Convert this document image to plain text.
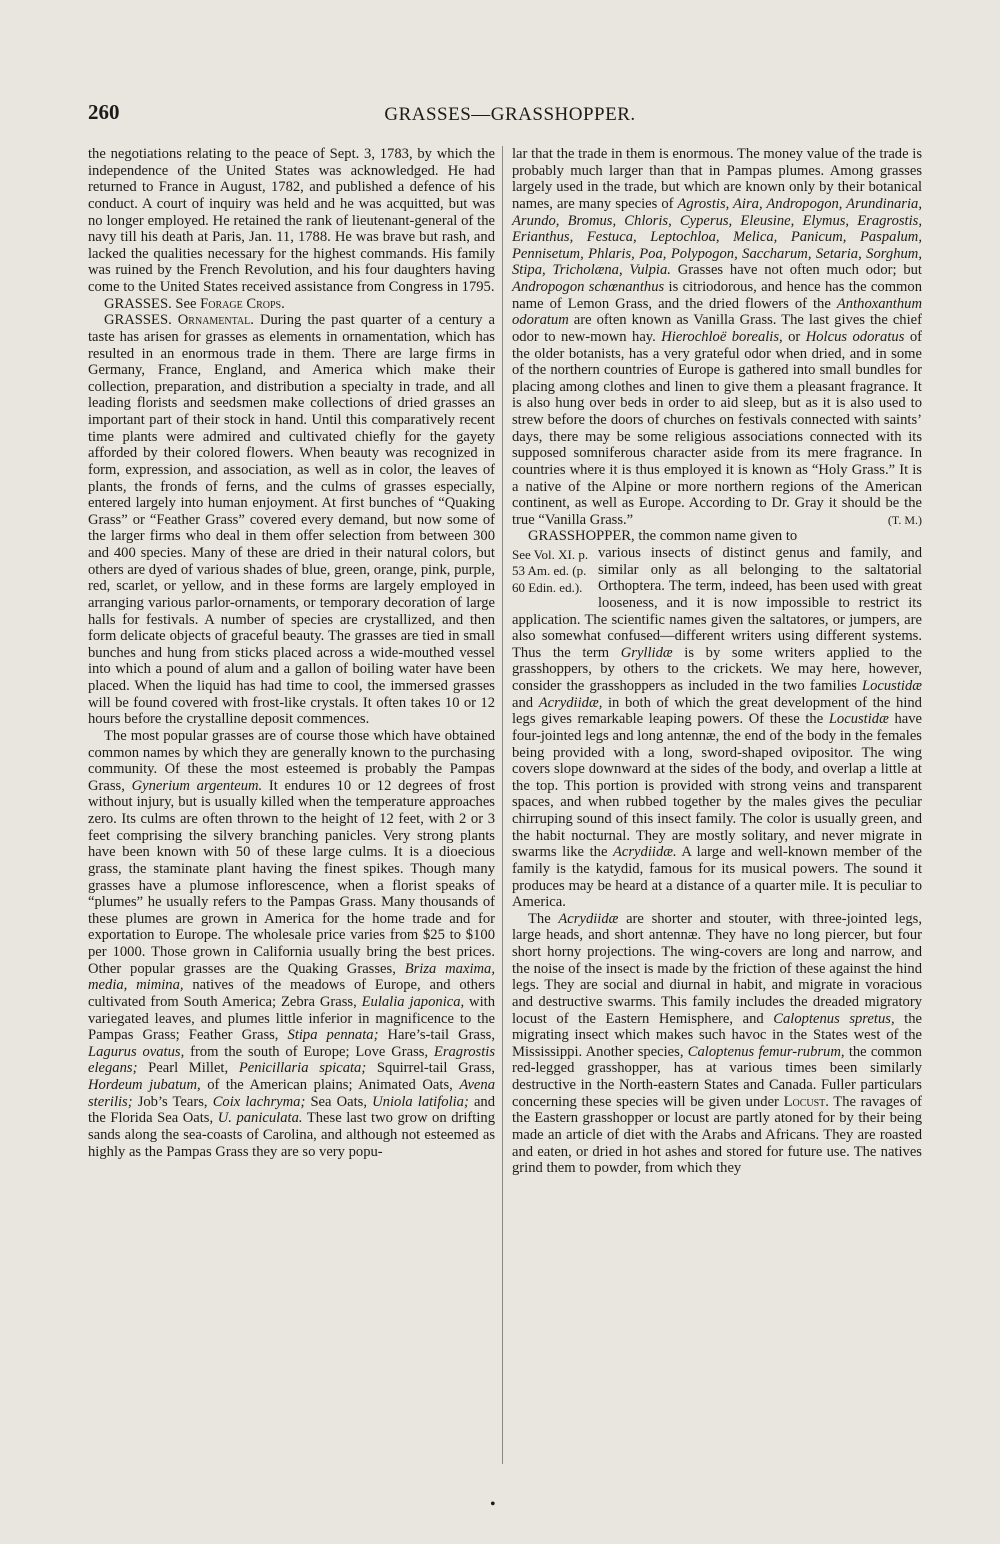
260	GRASSES—GRASSHOPPER.

the negotiations relating to the peace of Sept. 3, 1783, by which the independence of the United States was acknowledged. He had returned to France in August, 1782, and published a defence of his conduct. A court of inquiry was held and he was acquitted, but was no longer employed. He retained the rank of lieutenant-general of the navy till his death at Paris, Jan. 11, 1788. He was brave but rash, and lacked the qualities necessary for the highest commands. His family was ruined by the French Revolution, and his four daughters having come to the United States received assistance from Congress in 1795.

GRASSES. See Forage Crops.

GRASSES. Ornamental. During the past quarter of a century a taste has arisen for grasses as elements in ornamentation, which has resulted in an enormous trade in them. There are large firms in Germany, France, England, and America which make their collection, preparation, and distribution a specialty in trade, and all leading florists and seedsmen make collections of dried grasses an important part of their stock in hand. Until this comparatively recent time plants were admired and cultivated chiefly for the gayety afforded by their colored flowers. When beauty was recognized in form, expression, and association, as well as in color, the leaves of plants, the fronds of ferns, and the culms of grasses especially, entered largely into human enjoyment. At first bunches of “Quaking Grass” or “Feather Grass” covered every demand, but now some of the larger firms who deal in them offer selection from between 300 and 400 species. Many of these are dried in their natural colors, but others are dyed of various shades of blue, green, orange, pink, purple, red, scarlet, or yellow, and in these forms are largely employed in arranging various parlor-ornaments, or temporary decoration of large halls for festivals. A number of species are crystallized, and then form delicate objects of graceful beauty. The grasses are tied in small bunches and hung from sticks placed across a wide-mouthed vessel into which a pound of alum and a gallon of boiling water have been placed. When the liquid has had time to cool, the immersed grasses will be found covered with frost-like crystals. It often takes 10 or 12 hours before the crystalline deposit commences.

The most popular grasses are of course those which have obtained common names by which they are generally known to the purchasing community. Of these the most esteemed is probably the Pampas Grass, Gynerium argenteum. It endures 10 or 12 degrees of frost without injury, but is usually killed when the temperature approaches zero. Its culms are often thrown to the height of 12 feet, with 2 or 3 feet comprising the silvery branching panicles. Very strong plants have been known with 50 of these large culms. It is a dioecious grass, the staminate plant having the finest spikes. Though many grasses have a plumose inflorescence, when a florist speaks of “plumes” he usually refers to the Pampas Grass. Many thousands of these plumes are grown in America for the home trade and for exportation to Europe. The wholesale price varies from $25 to $100 per 1000. Those grown in California usually bring the best prices. Other popular grasses are the Quaking Grasses, Briza maxima, media, mimina, natives of the meadows of Europe, and others cultivated from South America; Zebra Grass, Eulalia japonica, with variegated leaves, and plumes little inferior in magnificence to the Pampas Grass; Feather Grass, Stipa pennata; Hare’s-tail Grass, Lagurus ovatus, from the south of Europe; Love Grass, Eragrostis elegans; Pearl Millet, Penicillaria spicata; Squirrel-tail Grass, Hordeum jubatum, of the American plains; Animated Oats, Avena sterilis; Job’s Tears, Coix lachryma; Sea Oats, Uniola latifolia; and the Florida Sea Oats, U. paniculata. These last two grow on drifting sands along the sea-coasts of Carolina, and although not esteemed as highly as the Pampas Grass they are so very popu-

lar that the trade in them is enormous. The money value of the trade is probably much larger than that in Pampas plumes. Among grasses largely used in the trade, but which are known only by their botanical names, are many species of Agrostis, Aira, Andropogon, Arundinaria, Arundo, Bromus, Chloris, Cyperus, Eleusine, Elymus, Eragrostis, Erianthus, Festuca, Leptochloa, Melica, Panicum, Paspalum, Pennisetum, Phlaris, Poa, Polypogon, Saccharum, Setaria, Sorghum, Stipa, Tricholæna, Vulpia. Grasses have not often much odor; but Andropogon schœnanthus is citriodorous, and hence has the common name of Lemon Grass, and the dried flowers of the Anthoxanthum odoratum are often known as Vanilla Grass. The last gives the chief odor to new-mown hay. Hierochloë borealis, or Holcus odoratus of the older botanists, has a very grateful odor when dried, and in some of the northern countries of Europe is gathered into small bundles for placing among clothes and linen to give them a pleasant fragrance. It is also hung over beds in order to aid sleep, but as it is also used to strew before the doors of churches on festivals connected with saints’ days, there may be some religious associations connected with its supposed somniferous character aside from its mere fragrance. In countries where it is thus employed it is known as “Holy Grass.” It is a native of the Alpine or more northern regions of the American continent, as well as Europe. According to Dr. Gray it should be the true “Vanilla Grass.”	(T. M.)

GRASSHOPPER, the common name given to

See Vol. XI. p. 53 Am. ed. (p. 60 Edin. ed.).
various insects of distinct genus and family, and similar only as all belonging to the saltatorial Orthoptera. The term, indeed, has been used with great looseness, and it is now impossible to restrict its application. The scientific names given the saltatores, or jumpers, are also somewhat confused—different writers using different systems. Thus the term Gryllidæ is by some writers applied to the grasshoppers, by others to the crickets. We may here, however, consider the grasshoppers as included in the two families Locustidæ and Acrydiidæ, in both of which the great development of the hind legs gives remarkable leaping powers. Of these the Locustidæ have four-jointed legs and long antennæ, the end of the body in the females being provided with a long, sword-shaped ovipositor. The wing covers slope downward at the sides of the body, and overlap a little at the top. This portion is provided with strong veins and transparent spaces, and when rubbed together by the males gives the peculiar chirruping sound of this insect family. The color is usually green, and the habit nocturnal. They are mostly solitary, and never migrate in swarms like the Acrydiidæ. A large and well-known member of the family is the katydid, famous for its musical powers. The sound it produces may be heard at a distance of a quarter mile. It is peculiar to America.

The Acrydiidæ are shorter and stouter, with three-jointed legs, large heads, and short antennæ. They have no long piercer, but four short horny projections. The wing-covers are long and narrow, and the noise of the insect is made by the friction of these against the hind legs. They are social and diurnal in habit, and migrate in voracious and destructive swarms. This family includes the dreaded migratory locust of the Eastern Hemisphere, and Caloptenus spretus, the migrating insect which makes such havoc in the States west of the Mississippi. Another species, Caloptenus femur-rubrum, the common red-legged grasshopper, has at various times been similarly destructive in the North-eastern States and Canada. Fuller particulars concerning these species will be given under Locust. The ravages of the Eastern grasshopper or locust are partly atoned for by their being made an article of diet with the Arabs and Africans. They are roasted and eaten, or dried in hot ashes and stored for future use. The natives grind them to powder, from which they

•
